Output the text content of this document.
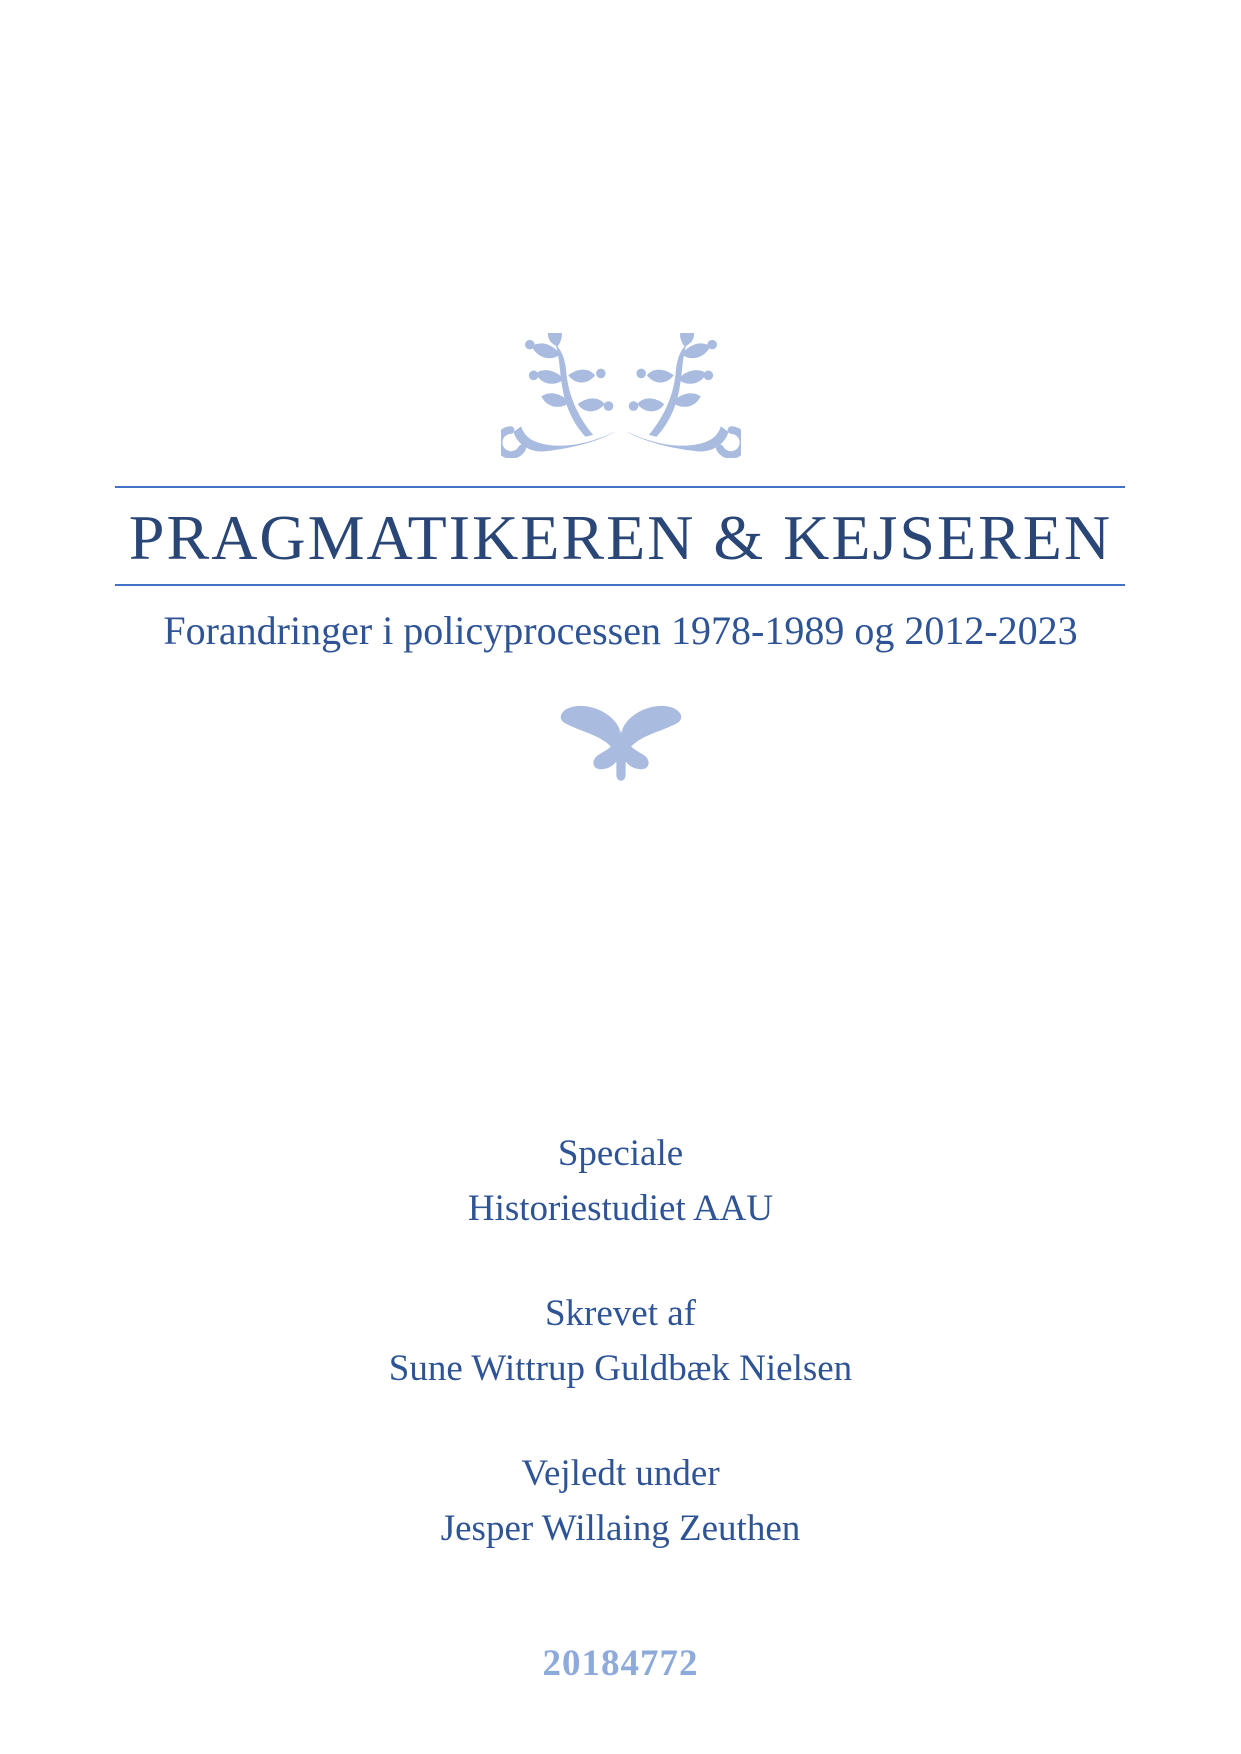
PRAGMATIKEREN & KEJSEREN
Forandringer i policyprocessen 1978-1989 og 2012-2023

Speciale
Historiestudiet AAU

Skrevet af
Sune Wittrup Guldbæk Nielsen

Vejledt under
Jesper Willaing Zeuthen

20184772
